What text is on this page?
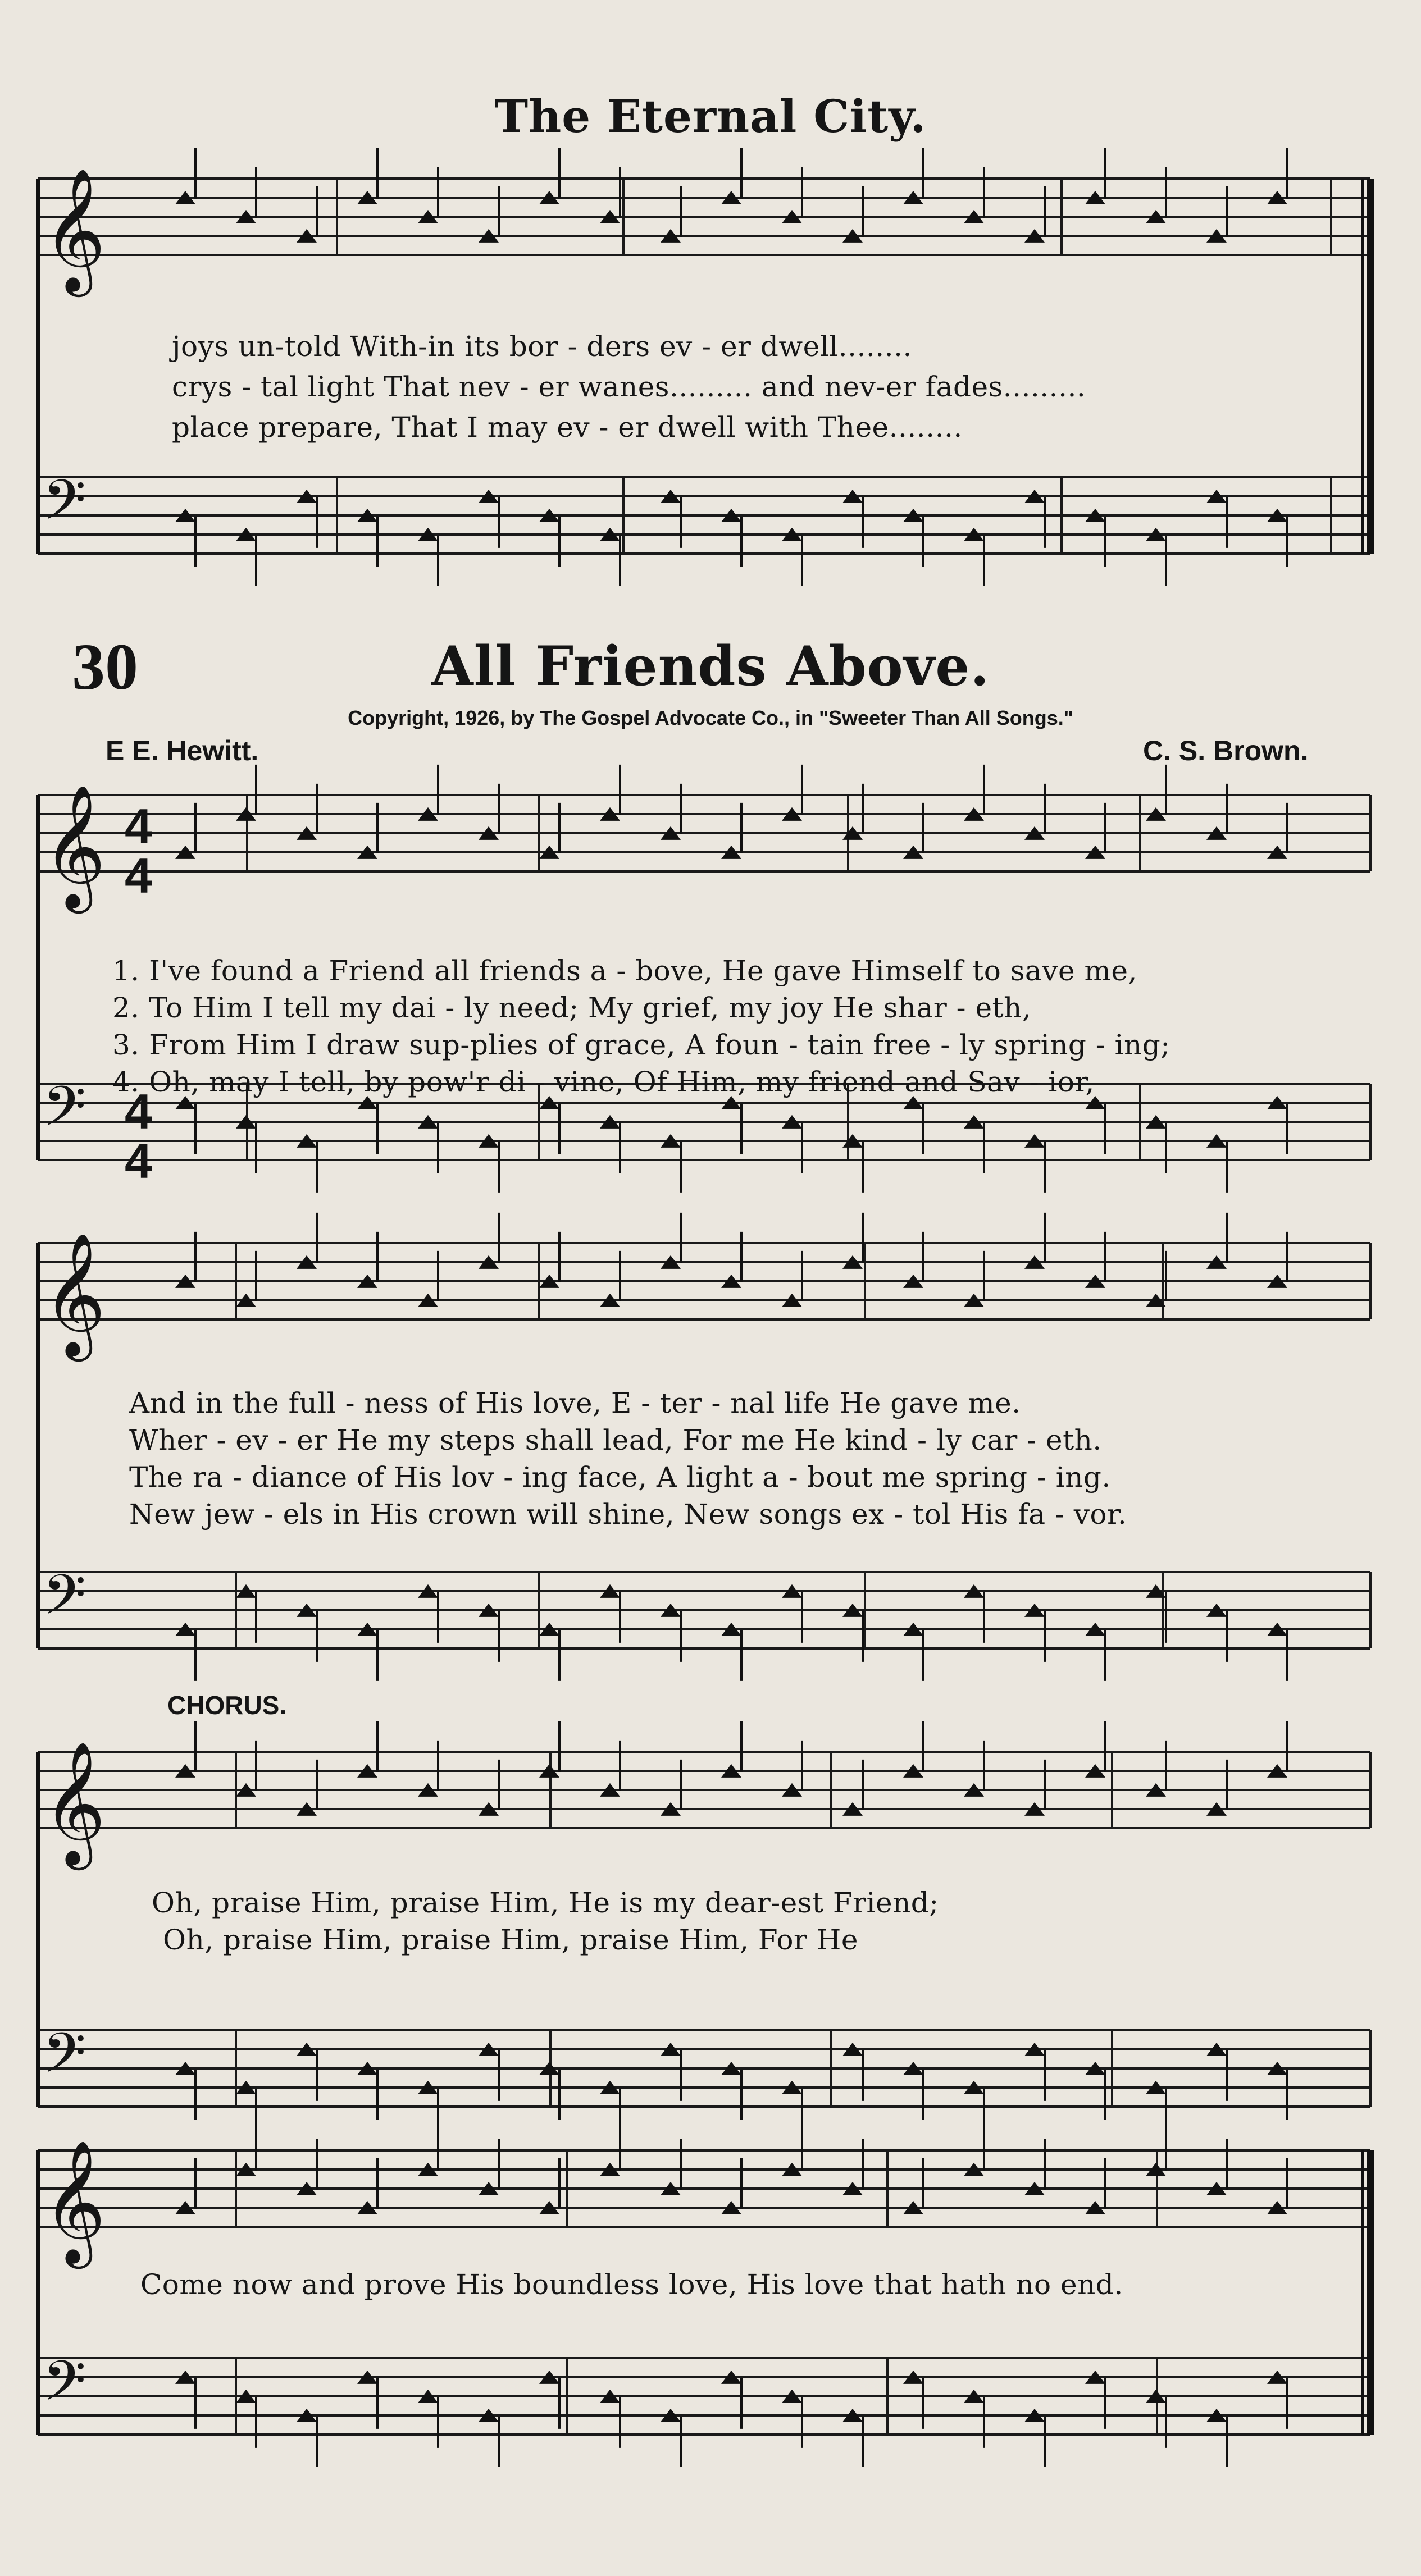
𝄞
𝄢
𝄞
𝄢
𝄞
𝄢
𝄞
𝄢
𝄞
𝄢
The Eternal City.
joys un-told With-in its bor - ders ev - er dwell........
crys - tal light That nev - er wanes......... and nev-er fades.........
place prepare, That I may ev - er dwell with Thee........
30	All Friends Above.
Copyright, 1926, by The Gospel Advocate Co., in "Sweeter Than All Songs."
E E. Hewitt.	C. S. Brown.
4
4
4
4
1. I've found a Friend all friends a - bove, He gave Himself to save me,
2. To Him I tell my dai - ly need; My grief, my joy He shar - eth,
3. From Him I draw sup-plies of grace, A foun - tain free - ly spring - ing;
4. Oh, may I tell, by pow'r di - vine, Of Him, my friend and Sav - ior,
And in the full - ness of His love, E - ter - nal life He gave me.
Wher - ev - er He my steps shall lead, For me He kind - ly car - eth.
The ra - diance of His lov - ing face, A light a - bout me spring - ing.
New jew - els in His crown will shine, New songs ex - tol His fa - vor.
CHORUS.
Oh, praise Him, praise Him, He is my dear-est Friend;
Oh, praise Him, praise Him, praise Him, For He
Come now and prove His boundless love, His love that hath no end.
